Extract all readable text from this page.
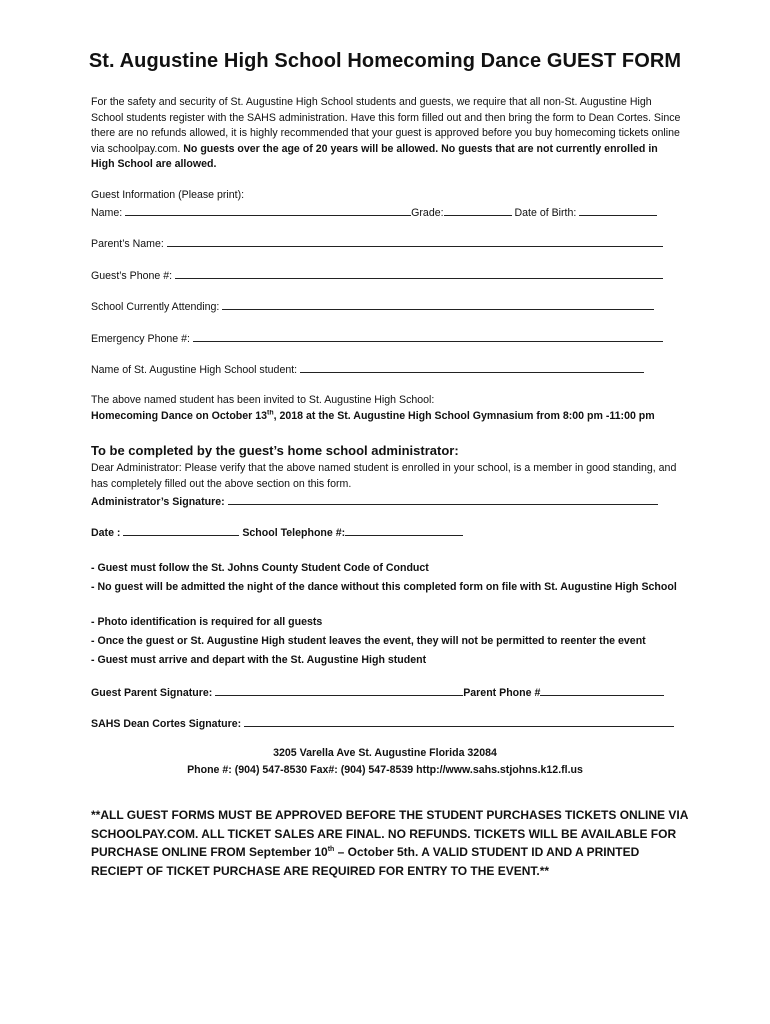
St. Augustine High School Homecoming Dance GUEST FORM
For the safety and security of St. Augustine High School students and guests, we require that all non-St. Augustine High School students register with the SAHS administration. Have this form filled out and then bring the form to Dean Cortes. Since there are no refunds allowed, it is highly recommended that your guest is approved before you buy homecoming tickets online via schoolpay.com. No guests over the age of 20 years will be allowed. No guests that are not currently enrolled in High School are allowed.
Guest Information (Please print):
Name:	Grade:	Date of Birth:
Parent’s Name:
Guest’s Phone #:
School Currently Attending:
Emergency Phone #:
Name of St. Augustine High School student:
The above named student has been invited to St. Augustine High School:
Homecoming Dance on October 13th, 2018 at the St. Augustine High School Gymnasium from 8:00 pm -11:00 pm
To be completed by the guest’s home school administrator:
Dear Administrator: Please verify that the above named student is enrolled in your school, is a member in good standing, and has completely filled out the above section on this form.
Administrator’s Signature:
Date :	School Telephone #:
- Guest must follow the St. Johns County Student Code of Conduct
- No guest will be admitted the night of the dance without this completed form on file with St. Augustine High School
- Photo identification is required for all guests
- Once the guest or St. Augustine High student leaves the event, they will not be permitted to reenter the event
- Guest must arrive and depart with the St. Augustine High student
Guest Parent Signature:	Parent Phone #
SAHS Dean Cortes Signature:
3205 Varella Ave St. Augustine Florida 32084
Phone #: (904) 547-8530 Fax#: (904) 547-8539 http://www.sahs.stjohns.k12.fl.us
**ALL GUEST FORMS MUST BE APPROVED BEFORE THE STUDENT PURCHASES TICKETS ONLINE VIA SCHOOLPAY.COM. ALL TICKET SALES ARE FINAL. NO REFUNDS. TICKETS WILL BE AVAILABLE FOR PURCHASE ONLINE FROM September 10th – October 5th. A VALID STUDENT ID AND A PRINTED RECIEPT OF TICKET PURCHASE ARE REQUIRED FOR ENTRY TO THE EVENT.**
